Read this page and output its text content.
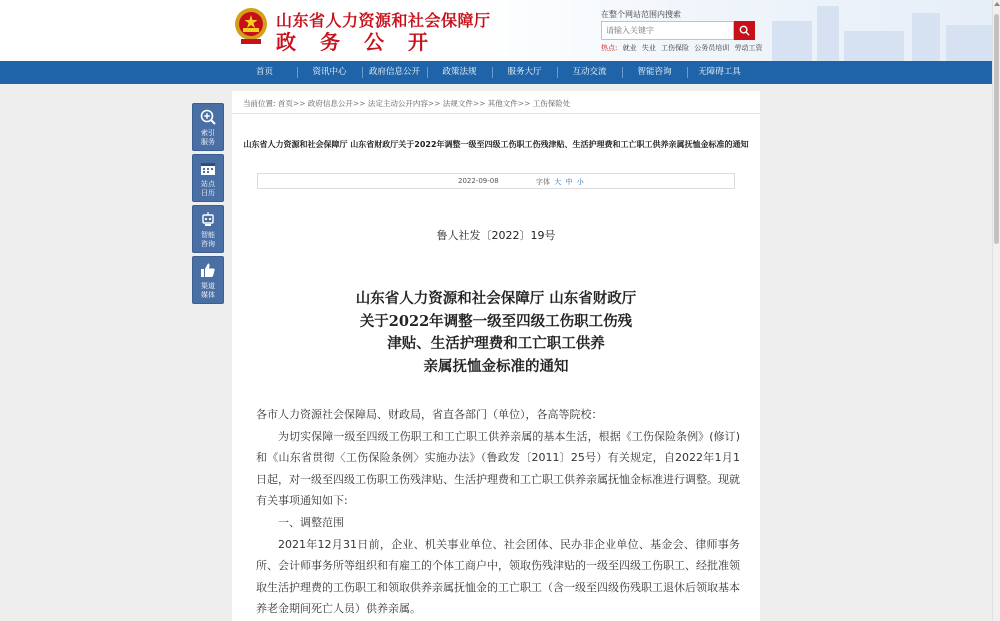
山东省人力资源和社会保障厅
政务公开
在整个网站范围内搜索
请输入关键字
热点: 就业 失业 工伤保险 公务员培训 劳动工资
首页	资讯中心	政府信息公开	政策法规	服务大厅	互动交流	智能咨询	无障碍工具
索引服务
站点日历
智能咨询
渠道媒体
当前位置: 首页>> 政府信息公开>> 法定主动公开内容>> 法规文件>> 其他文件>> 工伤保险处
山东省人力资源和社会保障厅 山东省财政厅关于2022年调整一级至四级工伤职工伤残津贴、生活护理费和工亡职工供养亲属抚恤金标准的通知
2022-09-08	字体 大 中 小
鲁人社发〔2022〕19号
山东省人力资源和社会保障厅 山东省财政厅
关于2022年调整一级至四级工伤职工伤残
津贴、生活护理费和工亡职工供养
亲属抚恤金标准的通知

各市人力资源社会保障局、财政局，省直各部门（单位），各高等院校：

为切实保障一级至四级工伤职工和工亡职工供养亲属的基本生活，根据《工伤保险条例》(修订)和《山东省贯彻〈工伤保险条例〉实施办法》（鲁政发〔2011〕25号）有关规定，自2022年1月1日起，对一级至四级工伤职工伤残津贴、生活护理费和工亡职工供养亲属抚恤金标准进行调整。现就有关事项通知如下:

一、调整范围

2021年12月31日前，企业、机关事业单位、社会团体、民办非企业单位、基金会、律师事务所、会计师事务所等组织和有雇工的个体工商户中，领取伤残津贴的一级至四级工伤职工、经批准领取生活护理费的工伤职工和领取供养亲属抚恤金的工亡职工（含一级至四级伤残职工退休后领取基本养老金期间死亡人员）供养亲属。
